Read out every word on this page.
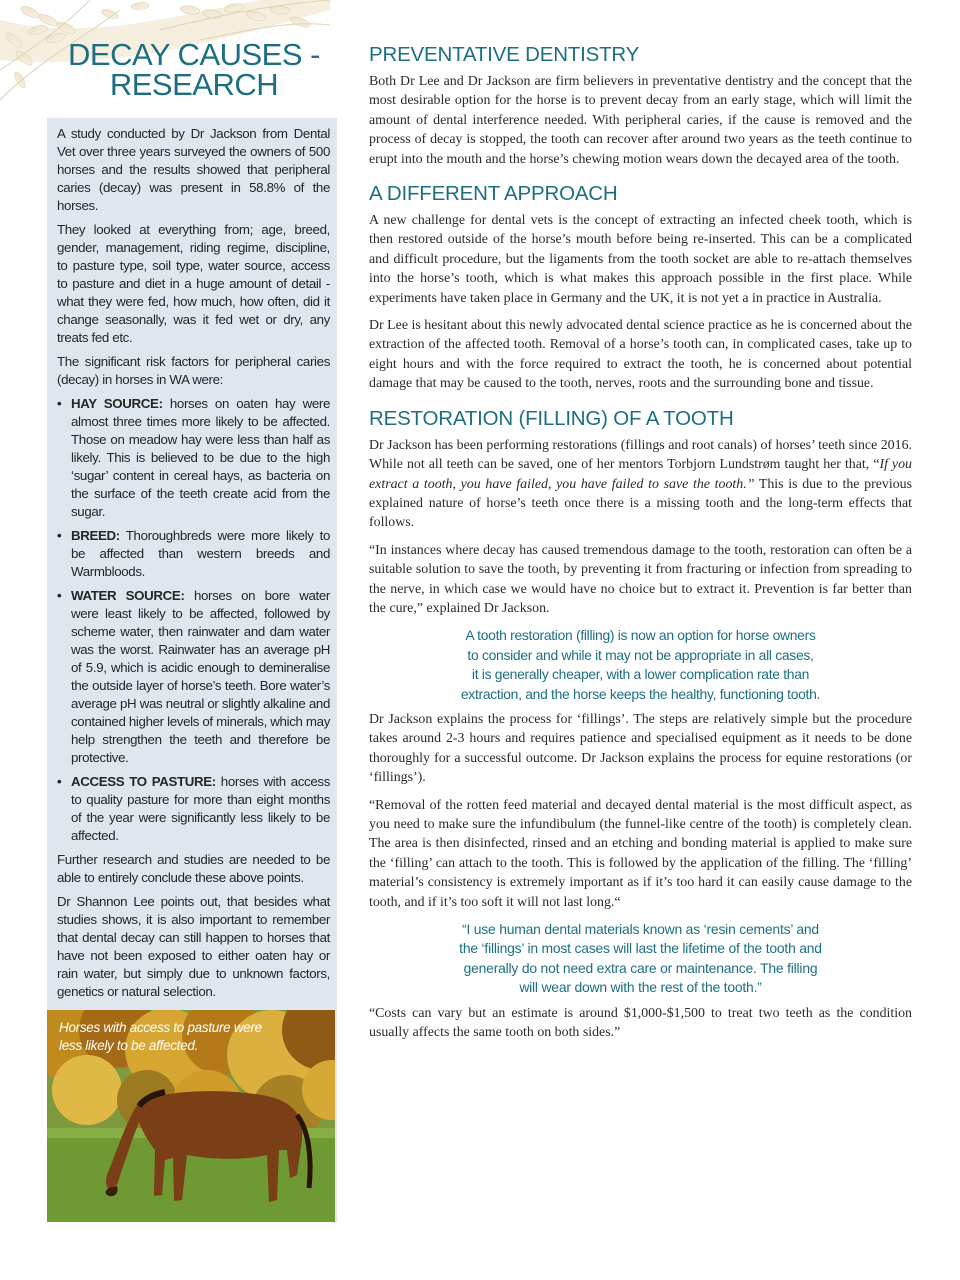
DECAY CAUSES -
RESEARCH

A study conducted by Dr Jackson from Dental Vet over three years surveyed the owners of 500 horses and the results showed that peripheral caries (decay) was present in 58.8% of the horses.

They looked at everything from; age, breed, gender, management, riding regime, discipline, to pasture type, soil type, water source, access to pasture and diet in a huge amount of detail - what they were fed, how much, how often, did it change seasonally, was it fed wet or dry, any treats fed etc.

The significant risk factors for peripheral caries (decay) in horses in WA were:

• HAY SOURCE: horses on oaten hay were almost three times more likely to be affected. Those on meadow hay were less than half as likely. This is believed to be due to the high ‘sugar’ content in cereal hays, as bacteria on the surface of the teeth create acid from the sugar.
• BREED: Thoroughbreds were more likely to be affected than western breeds and Warmbloods.
• WATER SOURCE: horses on bore water were least likely to be affected, followed by scheme water, then rainwater and dam water was the worst. Rainwater has an average pH of 5.9, which is acidic enough to demineralise the outside layer of horse’s teeth. Bore water’s average pH was neutral or slightly alkaline and contained higher levels of minerals, which may help strengthen the teeth and therefore be protective.
• ACCESS TO PASTURE: horses with access to quality pasture for more than eight months of the year were significantly less likely to be affected.

Further research and studies are needed to be able to entirely conclude these above points.

Dr Shannon Lee points out, that besides what studies shows, it is also important to remember that dental decay can still happen to horses that have not been exposed to either oaten hay or rain water, but simply due to unknown factors, genetics or natural selection.

Horses with access to pasture were less likely to be affected.
PREVENTATIVE DENTISTRY

Both Dr Lee and Dr Jackson are firm believers in preventative dentistry and the concept that the most desirable option for the horse is to prevent decay from an early stage, which will limit the amount of dental interference needed. With peripheral caries, if the cause is removed and the process of decay is stopped, the tooth can recover after around two years as the teeth continue to erupt into the mouth and the horse’s chewing motion wears down the decayed area of the tooth.

A DIFFERENT APPROACH

A new challenge for dental vets is the concept of extracting an infected cheek tooth, which is then restored outside of the horse’s mouth before being re-inserted. This can be a complicated and difficult procedure, but the ligaments from the tooth socket are able to re-attach themselves into the horse’s tooth, which is what makes this approach possible in the first place. While experiments have taken place in Germany and the UK, it is not yet a in practice in Australia.

Dr Lee is hesitant about this newly advocated dental science practice as he is concerned about the extraction of the affected tooth. Removal of a horse’s tooth can, in complicated cases, take up to eight hours and with the force required to extract the tooth, he is concerned about potential damage that may be caused to the tooth, nerves, roots and the surrounding bone and tissue.

RESTORATION (FILLING) OF A TOOTH

Dr Jackson has been performing restorations (fillings and root canals) of horses’ teeth since 2016. While not all teeth can be saved, one of her mentors Torbjorn Lundstrøm taught her that, “If you extract a tooth, you have failed, you have failed to save the tooth.” This is due to the previous explained nature of horse’s teeth once there is a missing tooth and the long-term effects that follows.

“In instances where decay has caused tremendous damage to the tooth, restoration can often be a suitable solution to save the tooth, by preventing it from fracturing or infection from spreading to the nerve, in which case we would have no choice but to extract it. Prevention is far better than the cure,” explained Dr Jackson.

A tooth restoration (filling) is now an option for horse owners
to consider and while it may not be appropriate in all cases,
it is generally cheaper, with a lower complication rate than
extraction, and the horse keeps the healthy, functioning tooth.

Dr Jackson explains the process for ‘fillings’. The steps are relatively simple but the procedure takes around 2-3 hours and requires patience and specialised equipment as it needs to be done thoroughly for a successful outcome. Dr Jackson explains the process for equine restorations (or ‘fillings’).

“Removal of the rotten feed material and decayed dental material is the most difficult aspect, as you need to make sure the infundibulum (the funnel-like centre of the tooth) is completely clean. The area is then disinfected, rinsed and an etching and bonding material is applied to make sure the ‘filling’ can attach to the tooth. This is followed by the application of the filling. The ‘filling’ material’s consistency is extremely important as if it’s too hard it can easily cause damage to the tooth, and if it’s too soft it will not last long.“

“I use human dental materials known as ‘resin cements’ and
the ‘fillings’ in most cases will last the lifetime of the tooth and
generally do not need extra care or maintenance. The filling
will wear down with the rest of the tooth.”

“Costs can vary but an estimate is around $1,000-$1,500 to treat two teeth as the condition usually affects the same tooth on both sides.”
